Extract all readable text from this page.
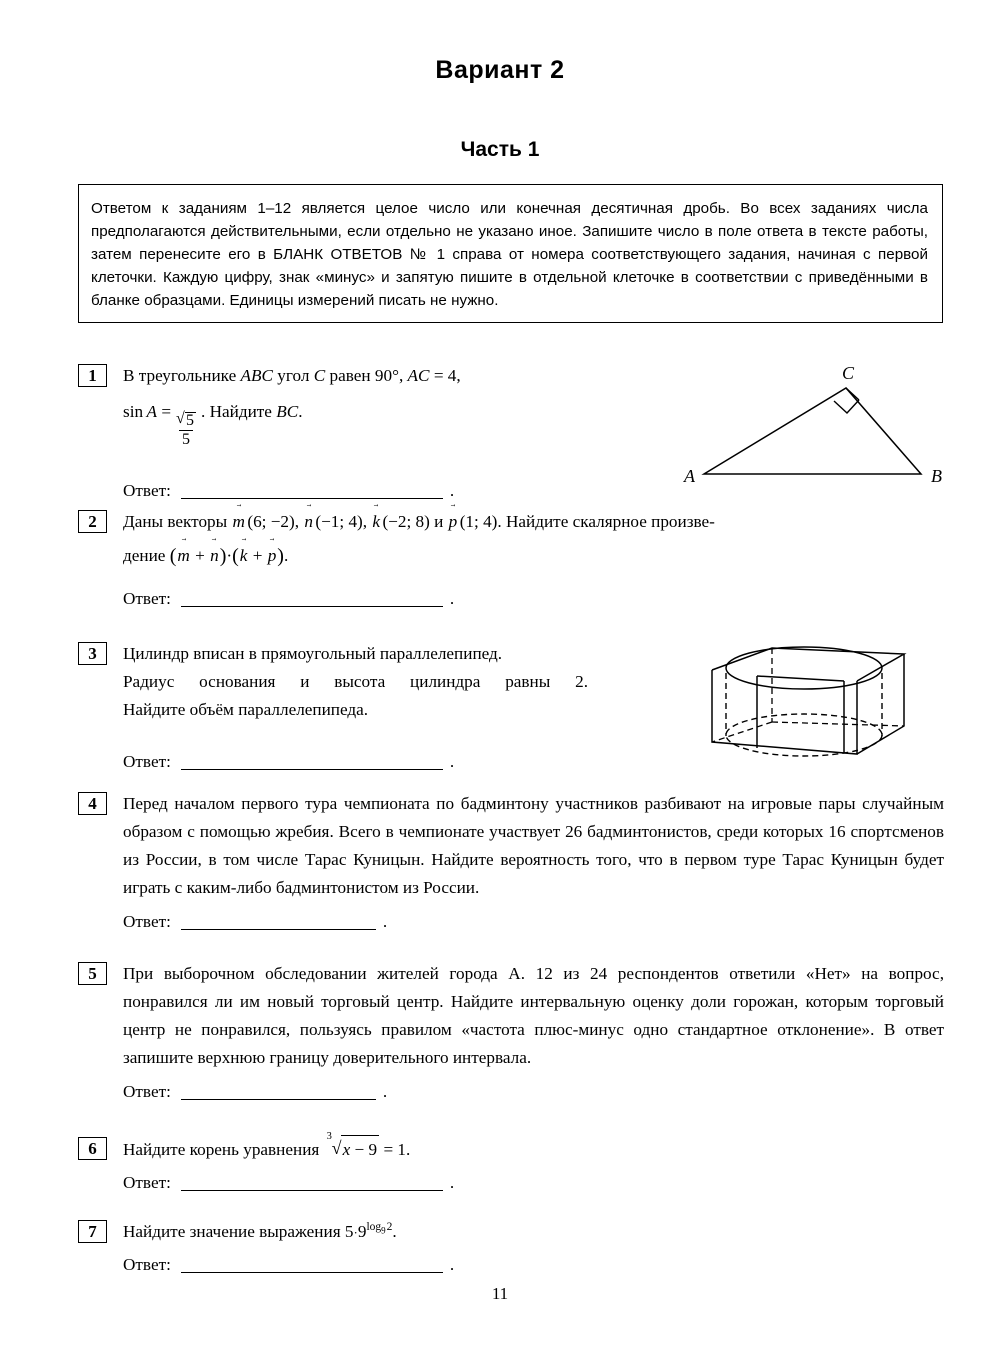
Вариант 2
Часть 1
Ответом к заданиям 1–12 является целое число или конечная десятичная дробь. Во всех заданиях числа предполагаются действительными, если отдельно не указано иное. Запишите число в поле ответа в тексте работы, затем перенесите его в БЛАНК ОТВЕТОВ № 1 справа от номера соответствующего задания, начиная с первой клеточки. Каждую цифру, знак «минус» и запятую пишите в отдельной клеточке в соответствии с приведёнными в бланке образцами. Единицы измерений писать не нужно.
1	В треугольнике ABC угол C равен 90°, AC = 4,
sin  A =
√ $\frac{5}{5}$
. Найдите BC.
Ответ:	.
A	B
C
2	Даны векторы m →  (6; −2), n →  (−1; 4), k →  (−2; 8) и p →  (1; 4). Найдите скалярное произве-
дение (m → + n →)·(k → + p →).
Ответ:	.
3	Цилиндр вписан в прямоугольный параллелепипед.
Радиус основания и высота цилиндра равны 2.
Найдите объём параллелепипеда.
Ответ:	.
4	Перед началом первого тура чемпионата по бадминтону участников разбивают на игровые пары случайным образом с помощью жребия. Всего в чемпионате участвует 26 бадминтонистов, среди которых 16 спортсменов из России, в том числе Тарас Куницын. Найдите вероятность того, что в первом туре Тарас Куницын будет играть с каким-либо бадминтонистом из России.
Ответ:	.
5	При выборочном обследовании жителей города А. 12 из 24 респондентов ответили «Нет» на вопрос, понравился ли им новый торговый центр. Найдите интервальную оценку доли горожан, которым торговый центр не понравился, пользуясь правилом «частота плюс-минус одно стандартное отклонение». В ответ запишите верхнюю границу доверительного интервала.
Ответ:	.
6	Найдите корень уравнения
√ 3
x − 9 = 1.
Ответ:	.
7	Найдите значение выражения $5\cdot 9^{log_9 2}$.
Ответ:	.
11
